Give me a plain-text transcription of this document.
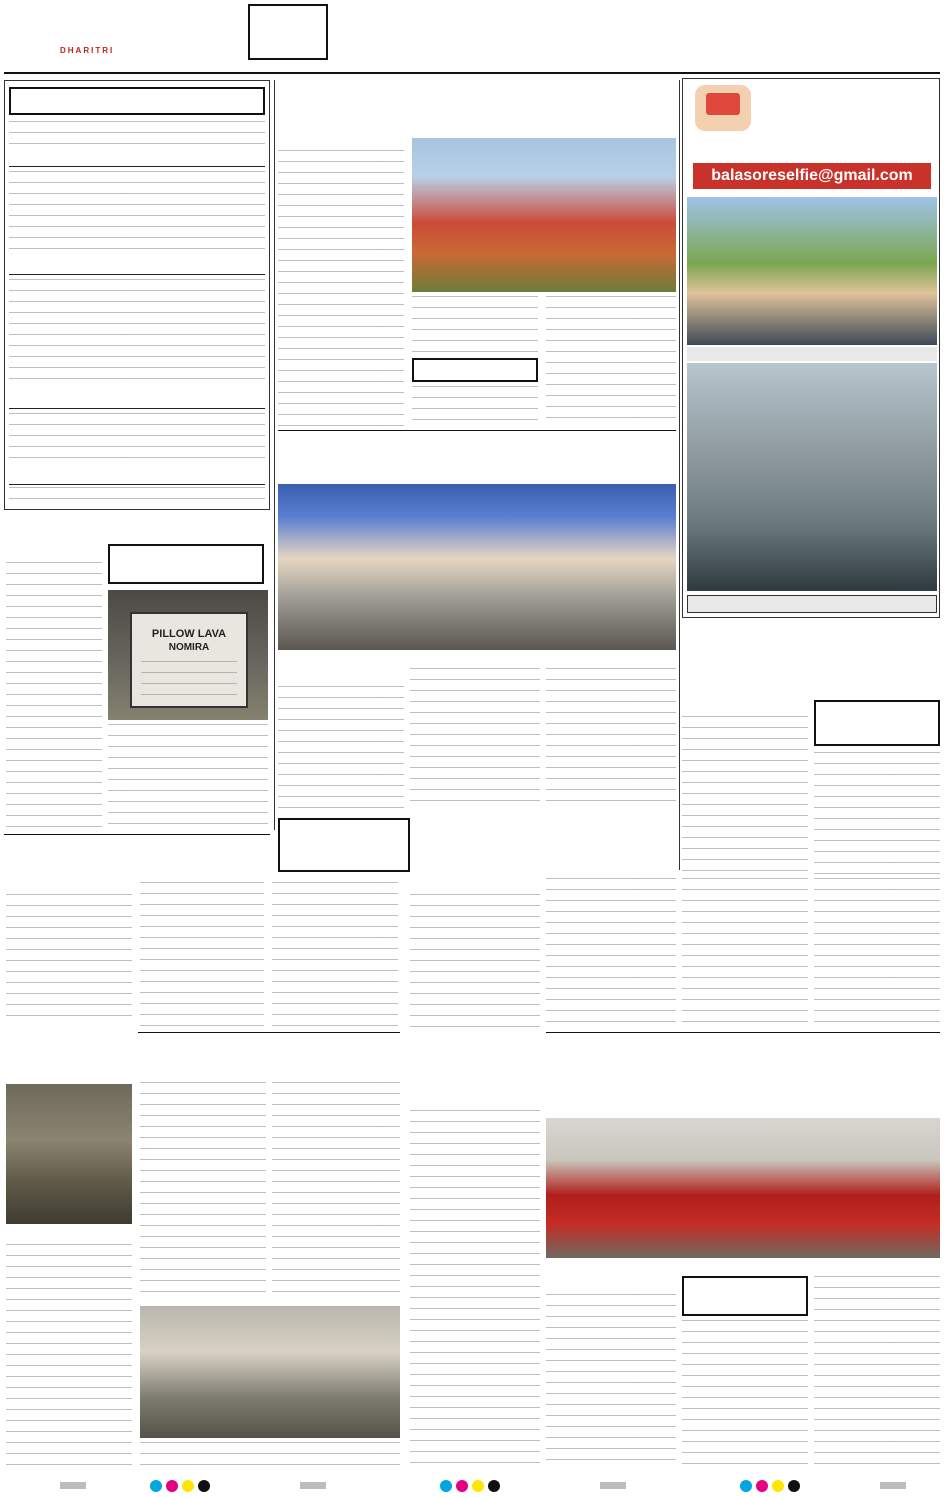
DHARITRI
PILLOW LAVA
NOMIRA
balasoreselfie@gmail.com
